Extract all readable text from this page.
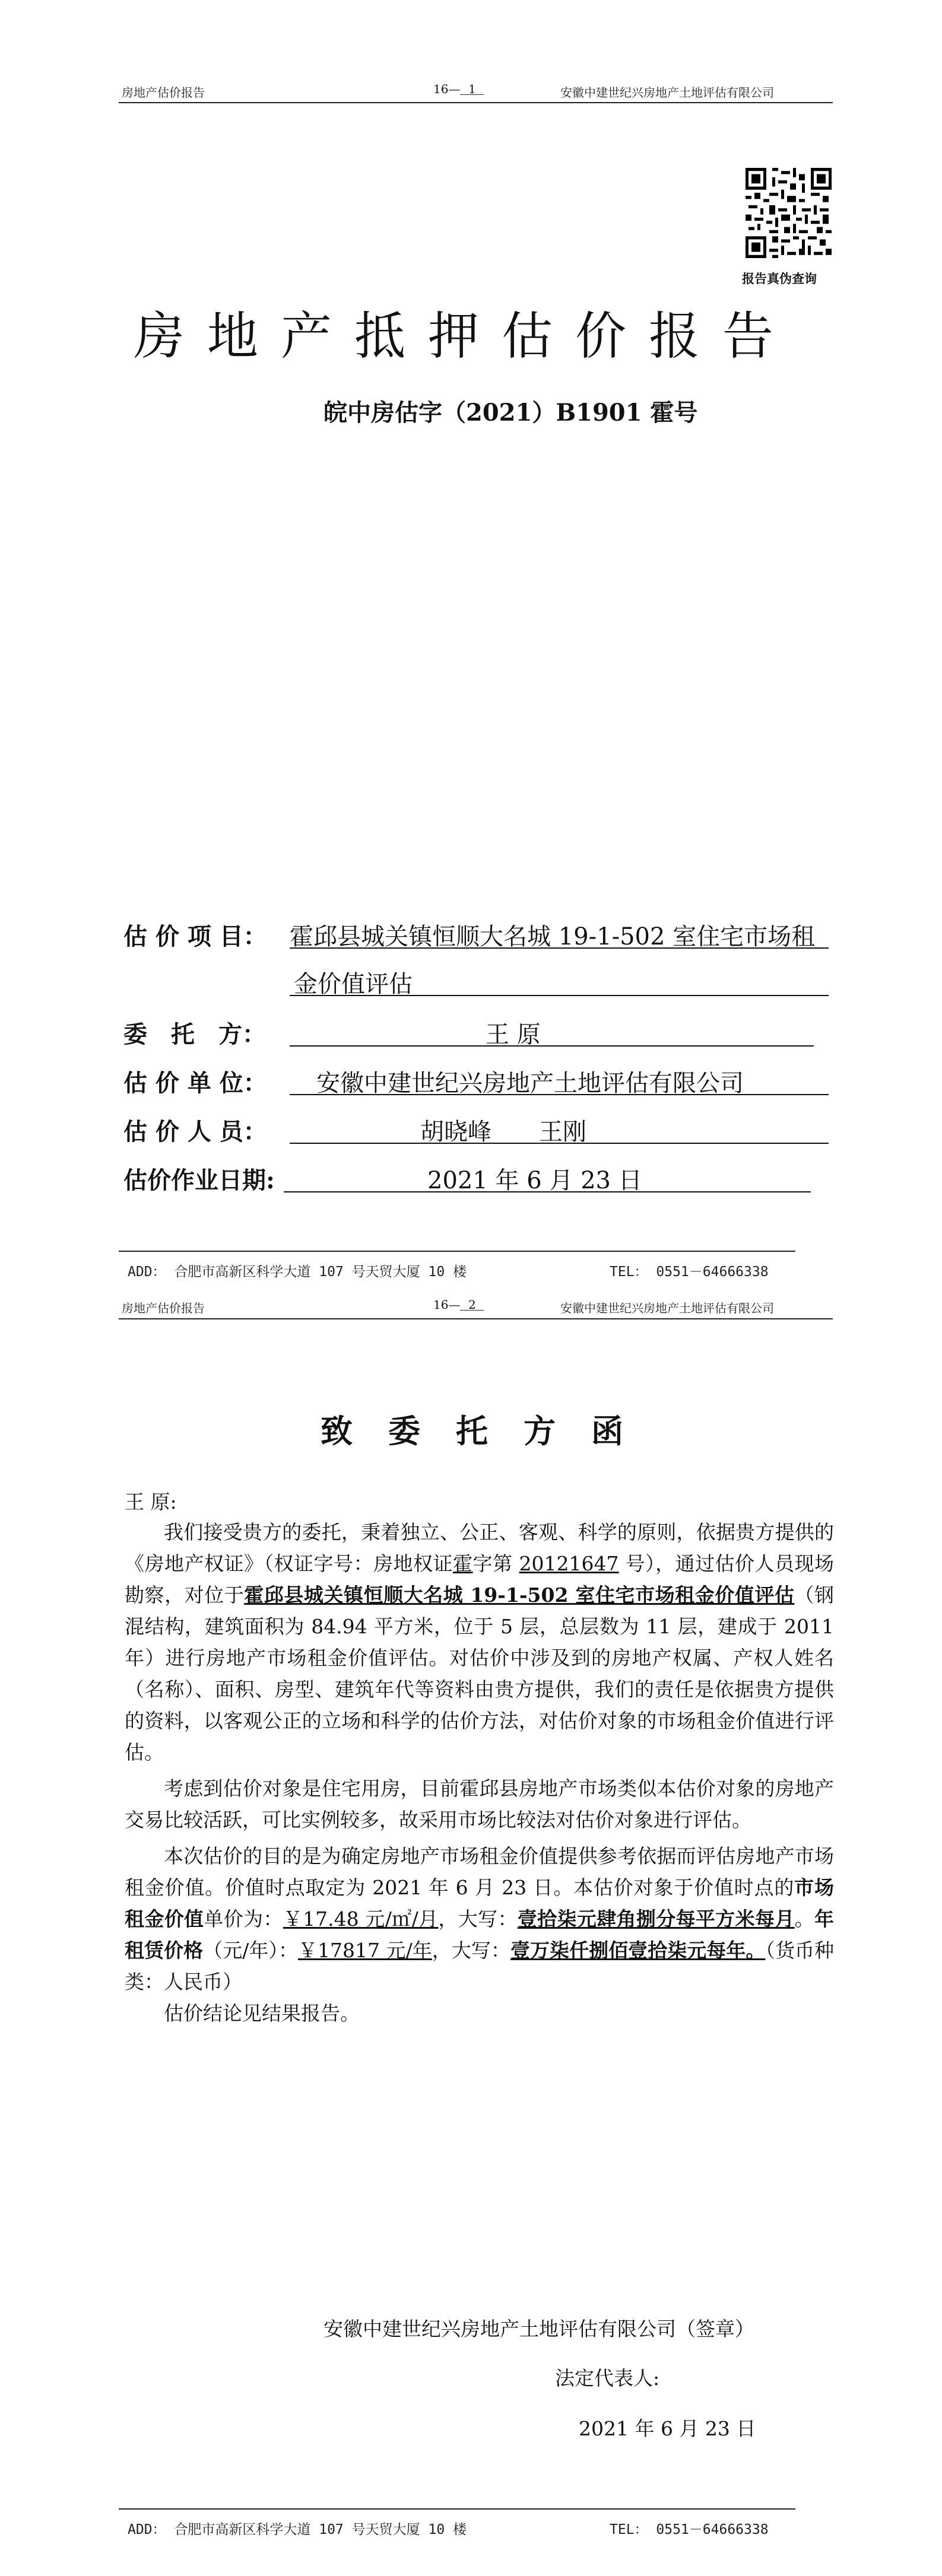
房地产估价报告	16— 1	安徽中建世纪兴房地产土地评估有限公司
报告真伪查询
房地产抵押估价报告
皖中房估字（2021）B1901 霍号
估 价 项 目： 霍邱县城关镇恒顺大名城 19-1-502 室住宅市场租
金价值评估
委　托　方：	王 原
估 价 单 位： 安徽中建世纪兴房地产土地评估有限公司
估 价 人 员：	胡晓峰　　王刚
估价作业日期:	2021 年 6 月 23 日
ADD： 合肥市高新区科学大道 107 号天贸大厦 10 楼	TEL： 0551－64666338
房地产估价报告	16— 2	安徽中建世纪兴房地产土地评估有限公司
致委托方函
王 原:

我们接受贵方的委托，秉着独立、公正、客观、科学的原则，依据贵方提供的《房地产权证》（权证字号：房地权证霍字第 20121647 号），通过估价人员现场勘察，对位于霍邱县城关镇恒顺大名城 19-1-502 室住宅市场租金价值评估（钢混结构，建筑面积为 84.94 平方米，位于 5 层，总层数为 11 层，建成于 2011 年）进行房地产市场租金价值评估。对估价中涉及到的房地产权属、产权人姓名（名称）、面积、房型、建筑年代等资料由贵方提供，我们的责任是依据贵方提供的资料，以客观公正的立场和科学的估价方法，对估价对象的市场租金价值进行评估。

考虑到估价对象是住宅用房，目前霍邱县房地产市场类似本估价对象的房地产交易比较活跃，可比实例较多，故采用市场比较法对估价对象进行评估。

本次估价的目的是为确定房地产市场租金价值提供参考依据而评估房地产市场租金价值。价值时点取定为 2021 年 6 月 23 日。本估价对象于价值时点的市场租金价值单价为：￥17.48 元/㎡/月，大写：壹拾柒元肆角捌分每平方米每月。年租赁价格（元/年）：￥17817 元/年，大写：壹万柒仟捌佰壹拾柒元每年。（货币种类：人民币）

估价结论见结果报告。

安徽中建世纪兴房地产土地评估有限公司（签章）
法定代表人:
2021 年 6 月 23 日
ADD： 合肥市高新区科学大道 107 号天贸大厦 10 楼	TEL： 0551－64666338
